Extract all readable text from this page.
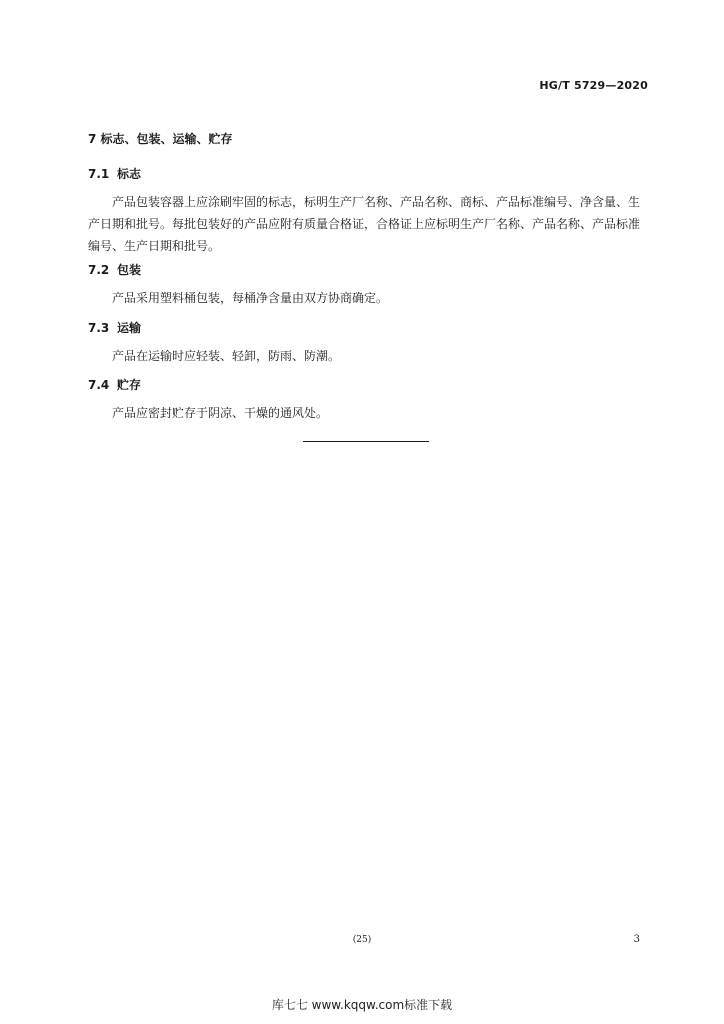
HG/T 5729—2020
7 标志、包装、运输、贮存
7.1 标志
产品包装容器上应涂刷牢固的标志，标明生产厂名称、产品名称、商标、产品标准编号、净含量、生产日期和批号。每批包装好的产品应附有质量合格证，合格证上应标明生产厂名称、产品名称、产品标准编号、生产日期和批号。
7.2 包装
产品采用塑料桶包装，每桶净含量由双方协商确定。
7.3 运输
产品在运输时应轻装、轻卸，防雨、防潮。
7.4 贮存
产品应密封贮存于阴凉、干燥的通风处。
(25)	3
库七七 www.kqqw.com标准下载
